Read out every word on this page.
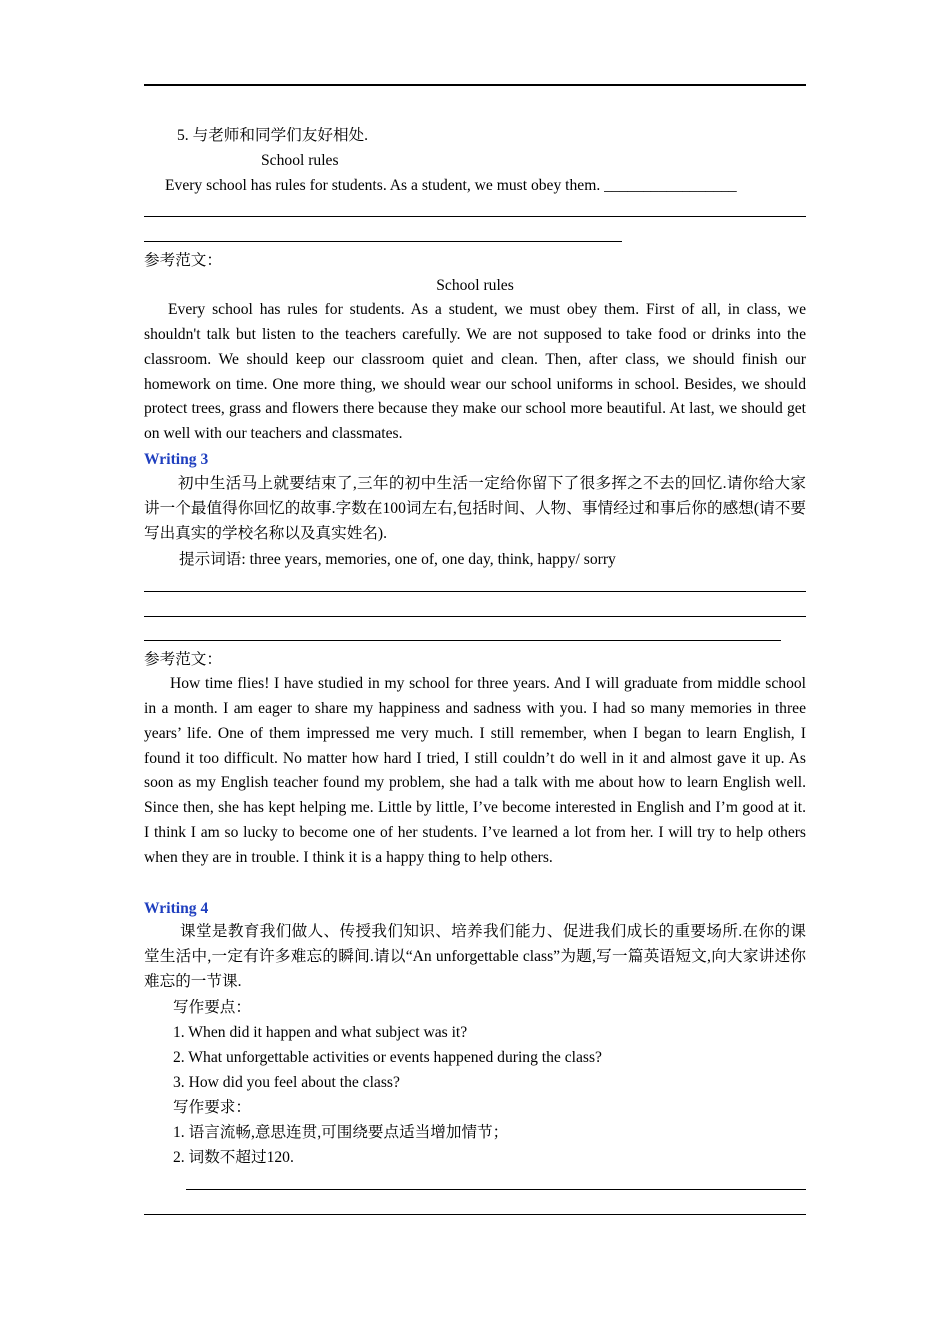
5. 与老师和同学们友好相处.
School rules
Every school has rules for students. As a student, we must obey them. _________________
参考范文：
School rules
Every school has rules for students. As a student, we must obey them. First of all, in class, we shouldn't talk but listen to the teachers carefully. We are not supposed to take food or drinks into the classroom. We should keep our classroom quiet and clean. Then, after class, we should finish our homework on time. One more thing, we should wear our school uniforms in school. Besides, we should protect trees, grass and flowers there because they make our school more beautiful. At last, we should get on well with our teachers and classmates.
Writing 3
初中生活马上就要结束了,三年的初中生活一定给你留下了很多挥之不去的回忆.请你给大家讲一个最值得你回忆的故事.字数在100词左右,包括时间、人物、事情经过和事后你的感想(请不要写出真实的学校名称以及真实姓名).
提示词语: three years, memories, one of, one day, think, happy/ sorry
参考范文：
How time flies! I have studied in my school for three years. And I will graduate from middle school in a month. I am eager to share my happiness and sadness with you. I had so many memories in three years’ life. One of them impressed me very much. I still remember, when I began to learn English, I found it too difficult. No matter how hard I tried, I still couldn’t do well in it and almost gave it up. As soon as my English teacher found my problem, she had a talk with me about how to learn English well. Since then, she has kept helping me. Little by little, I’ve become interested in English and I’m good at it. I think I am so lucky to become one of her students. I’ve learned a lot from her. I will try to help others when they are in trouble. I think it is a happy thing to help others.
Writing 4
课堂是教育我们做人、传授我们知识、培养我们能力、促进我们成长的重要场所.在你的课堂生活中,一定有许多难忘的瞬间.请以“An unforgettable class”为题,写一篇英语短文,向大家讲述你难忘的一节课.
写作要点：
1. When did it happen and what subject was it?
2. What unforgettable activities or events happened during the class?
3. How did you feel about the class?
写作要求：
1. 语言流畅,意思连贯,可围绕要点适当增加情节；
2. 词数不超过120.
